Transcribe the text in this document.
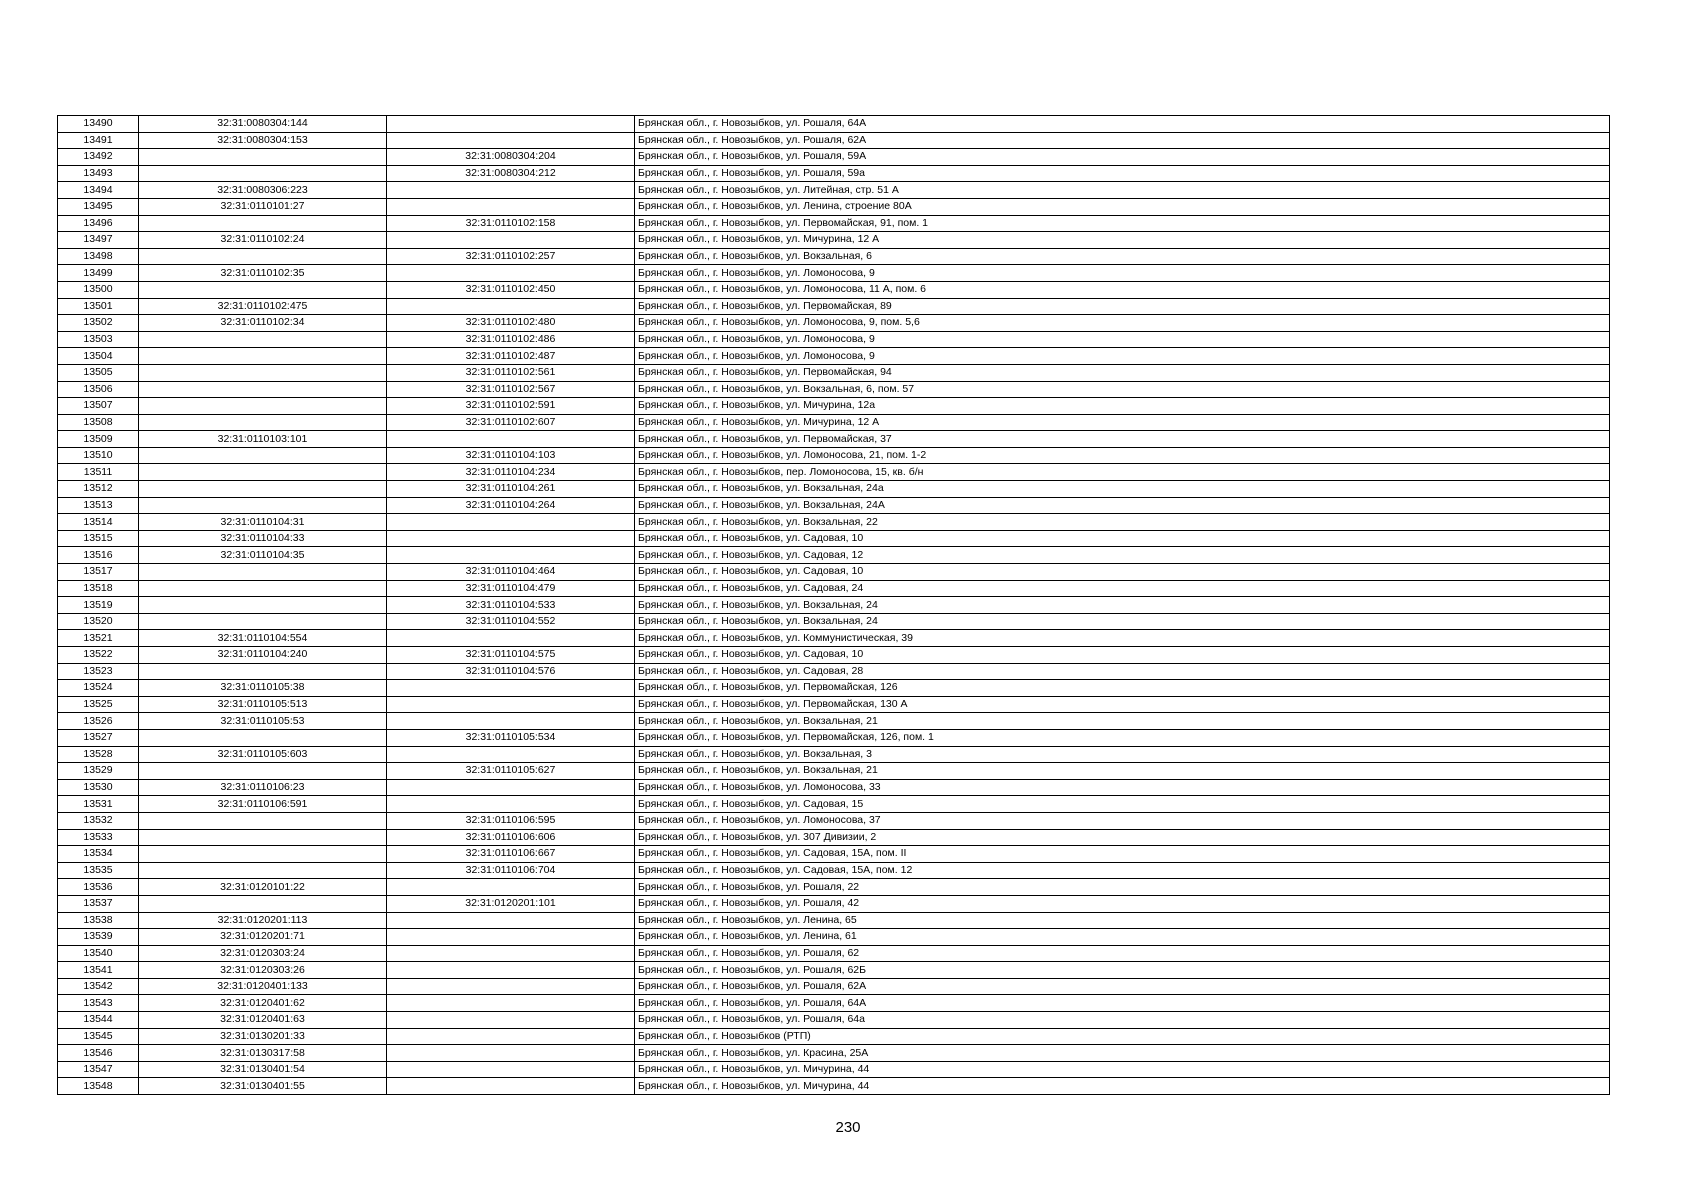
13490	32:31:0080304:144		Брянская обл., г. Новозыбков, ул. Рошаля, 64А
13491	32:31:0080304:153		Брянская обл., г. Новозыбков, ул. Рошаля, 62А
13492		32:31:0080304:204	Брянская обл., г. Новозыбков, ул. Рошаля, 59А
13493		32:31:0080304:212	Брянская обл., г. Новозыбков, ул. Рошаля, 59а
13494	32:31:0080306:223		Брянская обл., г. Новозыбков, ул. Литейная, стр. 51 А
13495	32:31:0110101:27		Брянская обл., г. Новозыбков, ул. Ленина, строение 80А
13496		32:31:0110102:158	Брянская обл., г. Новозыбков, ул. Первомайская, 91, пом. 1
13497	32:31:0110102:24		Брянская обл., г. Новозыбков, ул. Мичурина, 12 А
13498		32:31:0110102:257	Брянская обл., г. Новозыбков, ул. Вокзальная, 6
13499	32:31:0110102:35		Брянская обл., г. Новозыбков, ул. Ломоносова, 9
13500		32:31:0110102:450	Брянская обл., г. Новозыбков, ул. Ломоносова, 11 А, пом. 6
13501	32:31:0110102:475		Брянская обл., г. Новозыбков, ул. Первомайская, 89
13502	32:31:0110102:34	32:31:0110102:480	Брянская обл., г. Новозыбков, ул. Ломоносова, 9, пом. 5,6
13503		32:31:0110102:486	Брянская обл., г. Новозыбков, ул. Ломоносова, 9
13504		32:31:0110102:487	Брянская обл., г. Новозыбков, ул. Ломоносова, 9
13505		32:31:0110102:561	Брянская обл., г. Новозыбков, ул. Первомайская, 94
13506		32:31:0110102:567	Брянская обл., г. Новозыбков, ул. Вокзальная, 6, пом. 57
13507		32:31:0110102:591	Брянская обл., г. Новозыбков, ул. Мичурина, 12а
13508		32:31:0110102:607	Брянская обл., г. Новозыбков, ул. Мичурина, 12 А
13509	32:31:0110103:101		Брянская обл., г. Новозыбков, ул. Первомайская, 37
13510		32:31:0110104:103	Брянская обл., г. Новозыбков, ул. Ломоносова, 21, пом. 1-2
13511		32:31:0110104:234	Брянская обл., г. Новозыбков, пер. Ломоносова, 15, кв. б/н
13512		32:31:0110104:261	Брянская обл., г. Новозыбков, ул. Вокзальная, 24а
13513		32:31:0110104:264	Брянская обл., г. Новозыбков, ул. Вокзальная, 24А
13514	32:31:0110104:31		Брянская обл., г. Новозыбков, ул. Вокзальная, 22
13515	32:31:0110104:33		Брянская обл., г. Новозыбков, ул. Садовая, 10
13516	32:31:0110104:35		Брянская обл., г. Новозыбков, ул. Садовая, 12
13517		32:31:0110104:464	Брянская обл., г. Новозыбков, ул. Садовая, 10
13518		32:31:0110104:479	Брянская обл., г. Новозыбков, ул. Садовая, 24
13519		32:31:0110104:533	Брянская обл., г. Новозыбков, ул. Вокзальная, 24
13520		32:31:0110104:552	Брянская обл., г. Новозыбков, ул. Вокзальная, 24
13521	32:31:0110104:554		Брянская обл., г. Новозыбков, ул. Коммунистическая, 39
13522	32:31:0110104:240	32:31:0110104:575	Брянская обл., г. Новозыбков, ул. Садовая, 10
13523		32:31:0110104:576	Брянская обл., г. Новозыбков, ул. Садовая, 28
13524	32:31:0110105:38		Брянская обл., г. Новозыбков, ул. Первомайская, 126
13525	32:31:0110105:513		Брянская обл., г. Новозыбков, ул. Первомайская, 130 А
13526	32:31:0110105:53		Брянская обл., г. Новозыбков, ул. Вокзальная, 21
13527		32:31:0110105:534	Брянская обл., г. Новозыбков, ул. Первомайская, 126, пом. 1
13528	32:31:0110105:603		Брянская обл., г. Новозыбков, ул. Вокзальная, 3
13529		32:31:0110105:627	Брянская обл., г. Новозыбков, ул. Вокзальная, 21
13530	32:31:0110106:23		Брянская обл., г. Новозыбков, ул. Ломоносова, 33
13531	32:31:0110106:591		Брянская обл., г. Новозыбков, ул. Садовая, 15
13532		32:31:0110106:595	Брянская обл., г. Новозыбков, ул. Ломоносова, 37
13533		32:31:0110106:606	Брянская обл., г. Новозыбков, ул. 307 Дивизии, 2
13534		32:31:0110106:667	Брянская обл., г. Новозыбков, ул. Садовая, 15А, пом. II
13535		32:31:0110106:704	Брянская обл., г. Новозыбков, ул. Садовая, 15А, пом. 12
13536	32:31:0120101:22		Брянская обл., г. Новозыбков, ул. Рошаля, 22
13537		32:31:0120201:101	Брянская обл., г. Новозыбков, ул. Рошаля, 42
13538	32:31:0120201:113		Брянская обл., г. Новозыбков, ул. Ленина, 65
13539	32:31:0120201:71		Брянская обл., г. Новозыбков, ул. Ленина, 61
13540	32:31:0120303:24		Брянская обл., г. Новозыбков, ул. Рошаля, 62
13541	32:31:0120303:26		Брянская обл., г. Новозыбков, ул. Рошаля, 62Б
13542	32:31:0120401:133		Брянская обл., г. Новозыбков, ул. Рошаля, 62А
13543	32:31:0120401:62		Брянская обл., г. Новозыбков, ул. Рошаля, 64А
13544	32:31:0120401:63		Брянская обл., г. Новозыбков, ул. Рошаля, 64а
13545	32:31:0130201:33		Брянская обл., г. Новозыбков (РТП)
13546	32:31:0130317:58		Брянская обл., г. Новозыбков, ул. Красина, 25А
13547	32:31:0130401:54		Брянская обл., г. Новозыбков, ул. Мичурина, 44
13548	32:31:0130401:55		Брянская обл., г. Новозыбков, ул. Мичурина, 44
230
